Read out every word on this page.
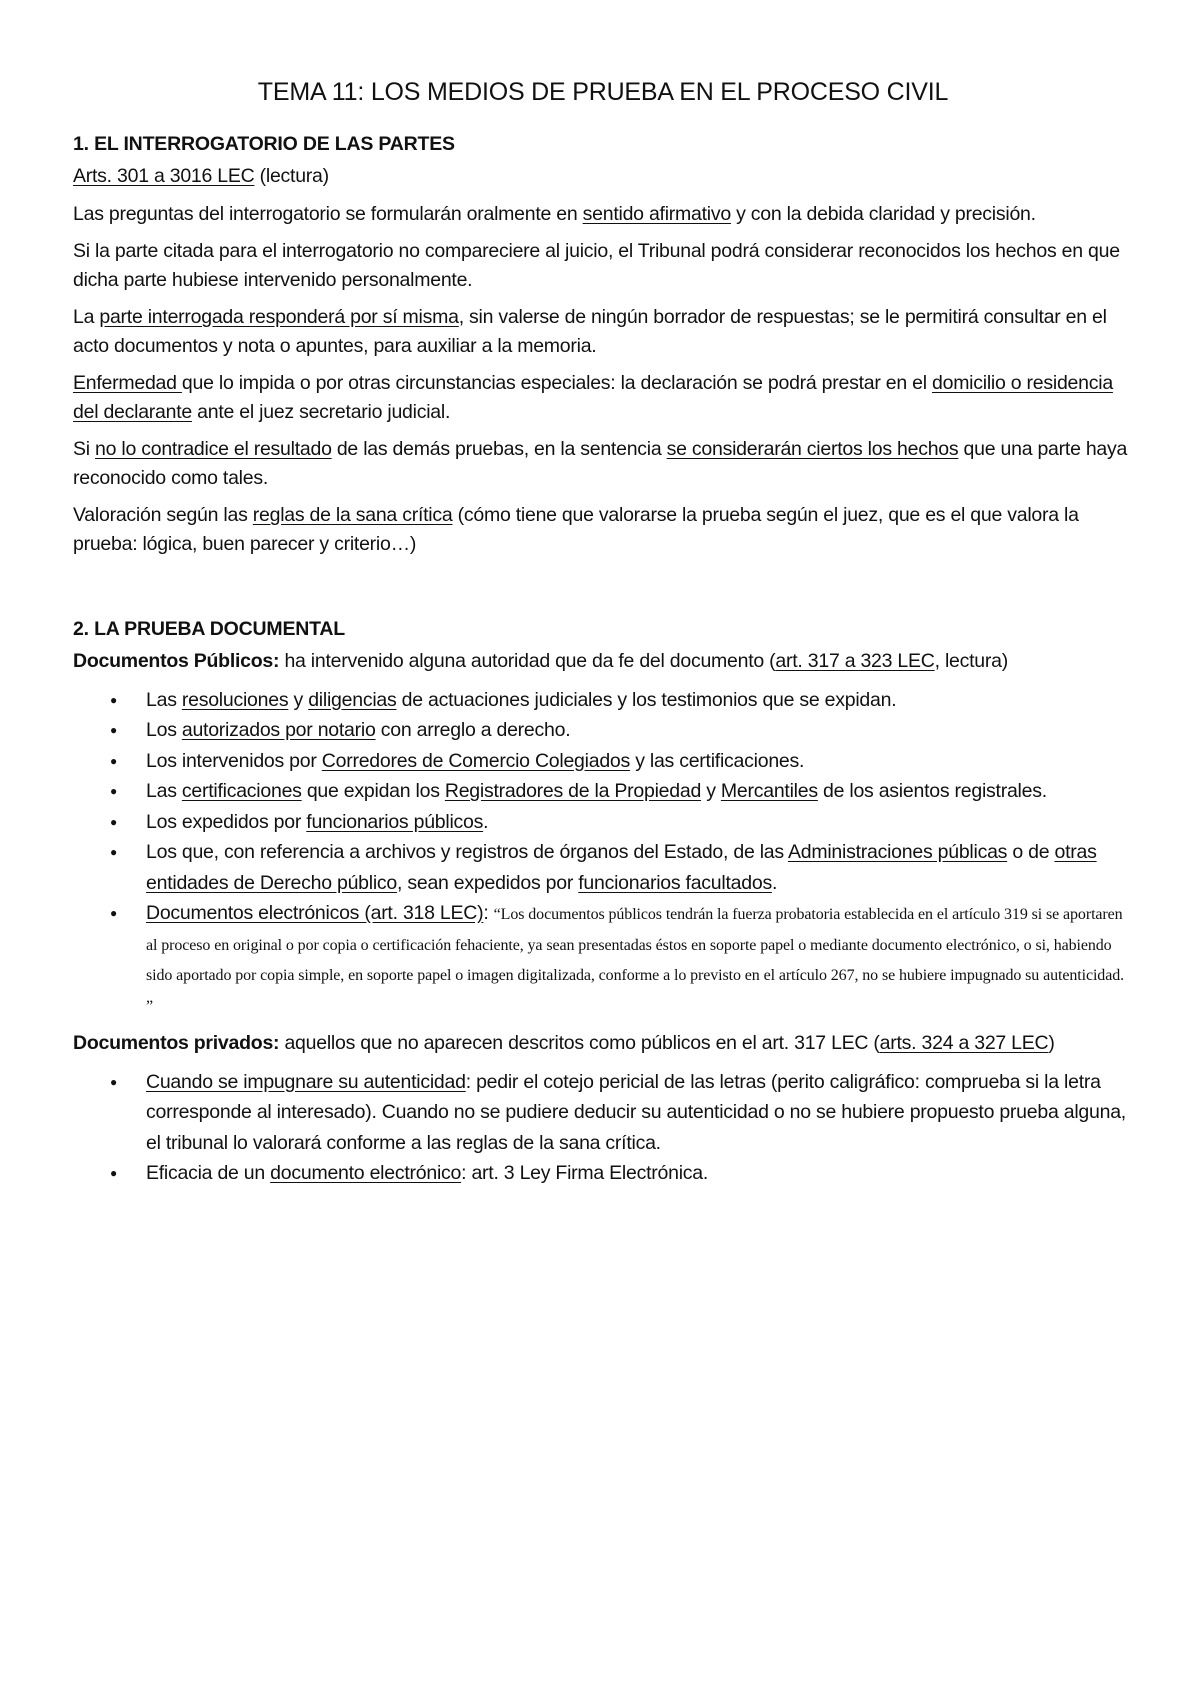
TEMA 11: LOS MEDIOS DE PRUEBA EN EL PROCESO CIVIL
1. EL INTERROGATORIO DE LAS PARTES
Arts. 301 a 3016 LEC (lectura)
Las preguntas del interrogatorio se formularán oralmente en sentido afirmativo y con la debida claridad y precisión.
Si la parte citada para el interrogatorio no compareciere al juicio, el Tribunal podrá considerar reconocidos los hechos en que dicha parte hubiese intervenido personalmente.
La parte interrogada responderá por sí misma, sin valerse de ningún borrador de respuestas; se le permitirá consultar en el acto documentos y nota o apuntes, para auxiliar a la memoria.
Enfermedad que lo impida o por otras circunstancias especiales: la declaración se podrá prestar en el domicilio o residencia del declarante ante el juez secretario judicial.
Si no lo contradice el resultado de las demás pruebas, en la sentencia se considerarán ciertos los hechos que una parte haya reconocido como tales.
Valoración según las reglas de la sana crítica (cómo tiene que valorarse la prueba según el juez, que es el que valora la prueba: lógica, buen parecer y criterio…)
2. LA PRUEBA DOCUMENTAL
Documentos Públicos: ha intervenido alguna autoridad que da fe del documento (art. 317 a 323 LEC, lectura)
● Las resoluciones y diligencias de actuaciones judiciales y los testimonios que se expidan.
● Los autorizados por notario con arreglo a derecho.
● Los intervenidos por Corredores de Comercio Colegiados y las certificaciones.
● Las certificaciones que expidan los Registradores de la Propiedad y Mercantiles de los asientos registrales.
● Los expedidos por funcionarios públicos.
● Los que, con referencia a archivos y registros de órganos del Estado, de las Administraciones públicas o de otras entidades de Derecho público, sean expedidos por funcionarios facultados.
● Documentos electrónicos (art. 318 LEC): “Los documentos públicos tendrán la fuerza probatoria establecida en el artículo 319 si se aportaren al proceso en original o por copia o certificación fehaciente, ya sean presentadas éstos en soporte papel o mediante documento electrónico, o si, habiendo sido aportado por copia simple, en soporte papel o imagen digitalizada, conforme a lo previsto en el artículo 267, no se hubiere impugnado su autenticidad. ”
Documentos privados: aquellos que no aparecen descritos como públicos en el art. 317 LEC (arts. 324 a 327 LEC)
● Cuando se impugnare su autenticidad: pedir el cotejo pericial de las letras (perito caligráfico: comprueba si la letra corresponde al interesado). Cuando no se pudiere deducir su autenticidad o no se hubiere propuesto prueba alguna, el tribunal lo valorará conforme a las reglas de la sana crítica.
● Eficacia de un documento electrónico: art. 3 Ley Firma Electrónica.
